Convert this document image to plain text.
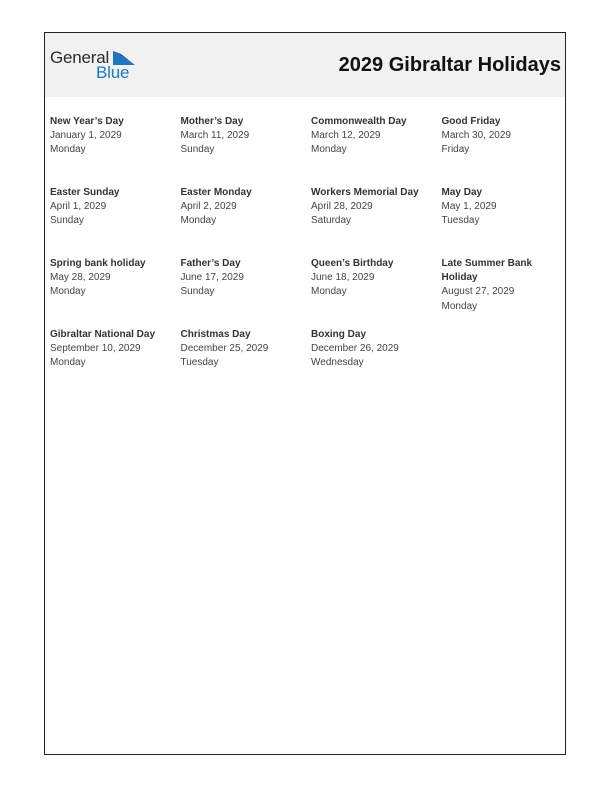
General
Blue	2029 Gibraltar Holidays
New Year’s Day
January 1, 2029
Monday
Mother’s Day
March 11, 2029
Sunday
Commonwealth Day
March 12, 2029
Monday
Good Friday
March 30, 2029
Friday
Easter Sunday
April 1, 2029
Sunday
Easter Monday
April 2, 2029
Monday
Workers Memorial Day
April 28, 2029
Saturday
May Day
May 1, 2029
Tuesday
Spring bank holiday
May 28, 2029
Monday
Father’s Day
June 17, 2029
Sunday
Queen’s Birthday
June 18, 2029
Monday
Late Summer Bank Holiday
August 27, 2029
Monday
Gibraltar National Day
September 10, 2029
Monday
Christmas Day
December 25, 2029
Tuesday
Boxing Day
December 26, 2029
Wednesday
